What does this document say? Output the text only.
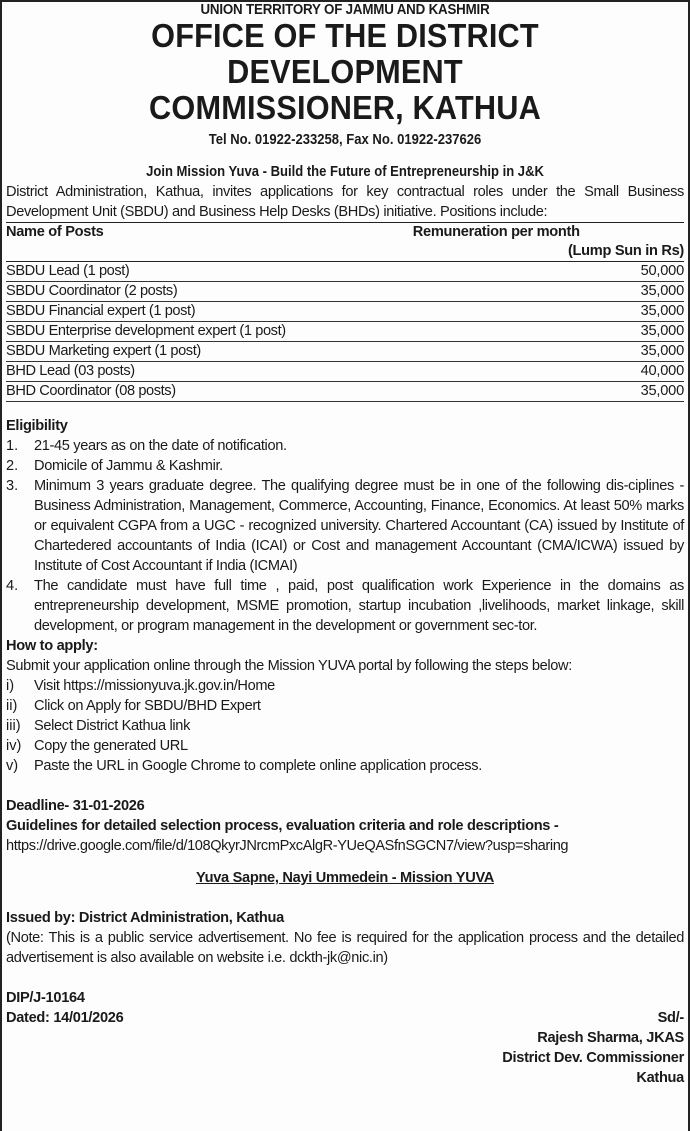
UNION TERRITORY OF JAMMU AND KASHMIR
OFFICE OF THE DISTRICT DEVELOPMENT
COMMISSIONER, KATHUA
Tel No. 01922-233258, Fax No. 01922-237626
Join Mission Yuva - Build the Future of Entrepreneurship in J&K
District Administration, Kathua, invites applications for key contractual roles under the Small Business Development Unit (SBDU) and Business Help Desks (BHDs) initiative. Positions include:
Name of Posts	Remuneration per month
(Lump Sun in Rs)

SBDU Lead (1 post)	50,000
SBDU Coordinator (2 posts)	35,000
SBDU Financial expert (1 post)	35,000
SBDU Enterprise development expert (1 post)	35,000
SBDU Marketing expert (1 post)	35,000
BHD Lead (03 posts)	40,000
BHD Coordinator (08 posts)	35,000
Eligibility
1.	21-45 years as on the date of notification.
2.	Domicile of Jammu & Kashmir.
3.	Minimum 3 years graduate degree. The qualifying degree must be in one of the following dis-ciplines - Business Administration, Management, Commerce, Accounting, Finance, Economics. At least 50% marks or equivalent CGPA from a UGC - recognized university. Chartered Accountant (CA) issued by Institute of Chartedered accountants of India (ICAI) or Cost and management Accountant (CMA/ICWA) issued by Institute of Cost Accountant if India (ICMAI)
4.	The candidate must have full time , paid, post qualification work Experience in the domains as entrepreneurship development, MSME promotion, startup incubation ,livelihoods, market linkage, skill development, or program management in the development or government sec-tor.
How to apply:
Submit your application online through the Mission YUVA portal by following the steps below:
i)	Visit https://missionyuva.jk.gov.in/Home
ii)	Click on Apply for SBDU/BHD Expert
iii) Select District Kathua link
iv) Copy the generated URL
v)	Paste the URL in Google Chrome to complete online application process.
Deadline- 31-01-2026
Guidelines for detailed selection process, evaluation criteria and role descriptions -
https://drive.google.com/file/d/108QkyrJNrcmPxcAlgR-YUeQASfnSGCN7/view?usp=sharing
Yuva Sapne, Nayi Ummedein - Mission YUVA
Issued by: District Administration, Kathua
(Note: This is a public service advertisement. No fee is required for the application process and the detailed advertisement is also available on website i.e. dckth-jk@nic.in)
DIP/J-10164
Dated: 14/01/2026	Sd/-
Rajesh Sharma, JKAS
District Dev. Commissioner
Kathua
